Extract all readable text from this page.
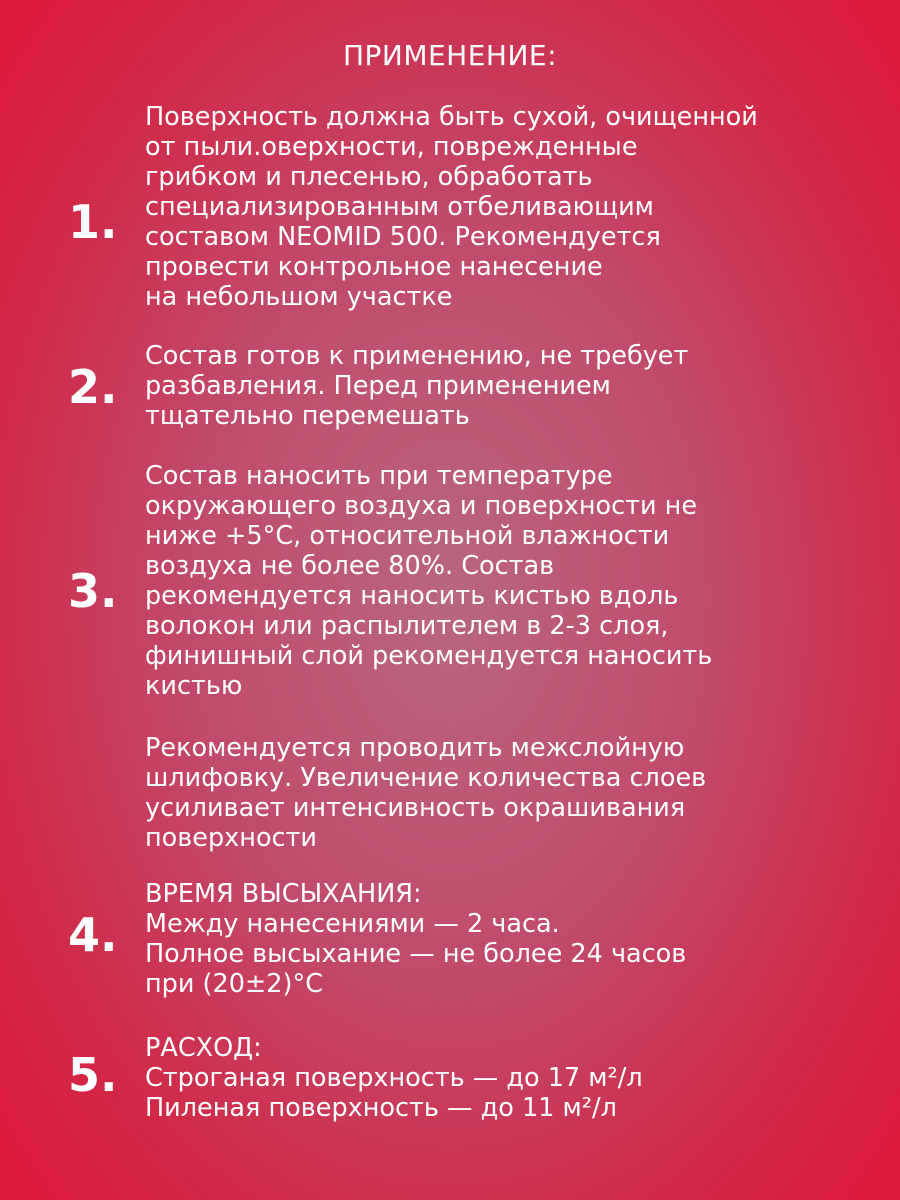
ПРИМЕНЕНИЕ:
1.
Поверхность должна быть сухой, очищенной
от пыли.оверхности, поврежденные
грибком и плесенью, обработать
специализированным отбеливающим
составом NEOMID 500. Рекомендуется
провести контрольное нанесение
на небольшом участке
2.
Состав готов к применению, не требует
разбавления. Перед применением
тщательно перемешать
3.
Состав наносить при температуре
окружающего воздуха и поверхности не
ниже +5°С, относительной влажности
воздуха не более 80%. Состав
рекомендуется наносить кистью вдоль
волокон или распылителем в 2-3 слоя,
финишный слой рекомендуется наносить
кистью
Рекомендуется проводить межслойную
шлифовку. Увеличение количества слоев
усиливает интенсивность окрашивания
поверхности
4.
ВРЕМЯ ВЫСЫХАНИЯ:
Между нанесениями — 2 часа.
Полное высыхание — не более 24 часов
при (20±2)°С
5.	РАСХОД:
Строганая поверхность — до 17 м²/л
Пиленая поверхность — до 11 м²/л
